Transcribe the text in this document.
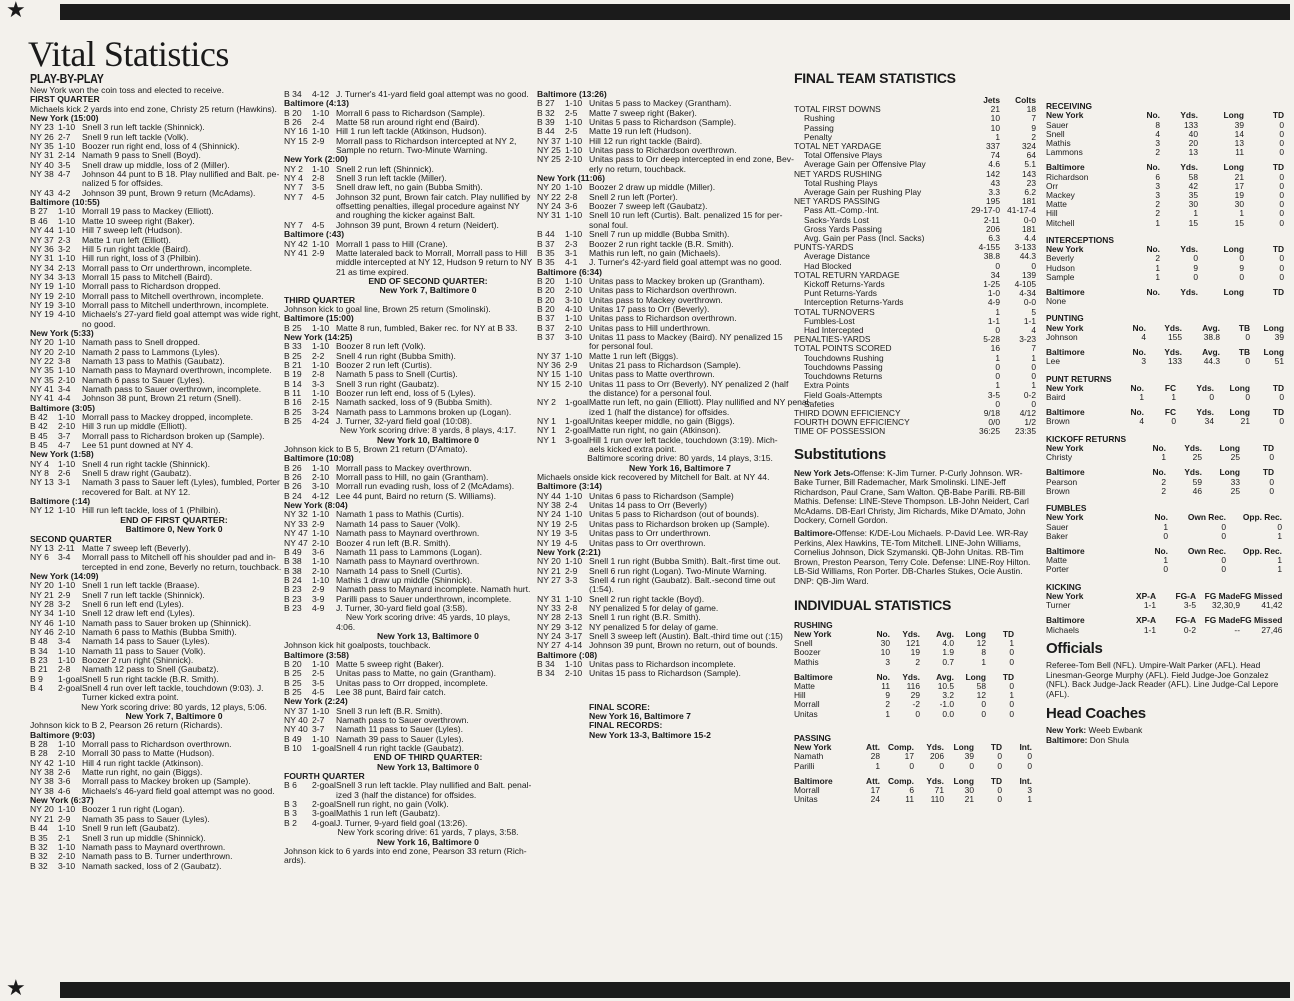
★
Vital Statistics
PLAY-BY-PLAY
New York won the coin toss and elected to receive.
FIRST QUARTER
Michaels kick 2 yards into end zone, Christy 25 return (Hawkins).
New York (15:00)
NY 23 1-10 Snell 3 run left tackle (Shinnick).
NY 26 2-7 Snell 9 run left tackle (Volk).
NY 35 1-10 Boozer run right end, loss of 4 (Shinnick).
NY 31 2-14 Namath 9 pass to Snell (Boyd).
NY 40 3-5 Snell draw up middle, loss of 2 (Miller).
NY 38 4-7 Johnson 44 punt to B 18. Play nullified and Balt. pe-
nalized 5 for offsides.
NY 43 4-2 Johnson 39 punt, Brown 9 return (McAdams).
Baltimore (10:55)
B 27 1-10 Morrall 19 pass to Mackey (Elliott).
B 46 1-10 Matte 10 sweep right (Baker).
NY 44 1-10 Hill 7 sweep left (Hudson).
NY 37 2-3 Matte 1 run left (Elliott).
NY 36 3-2 Hill 5 run right tackle (Baird).
NY 31 1-10 Hill run right, loss of 3 (Philbin).
NY 34 2-13 Morrall pass to Orr underthrown, incomplete.
NY 34 3-13 Morrall 15 pass to Mitchell (Baird).
NY 19 1-10 Morrall pass to Richardson dropped.
NY 19 2-10 Morrall pass to Mitchell overthrown, incomplete.
NY 19 3-10 Morrall pass to Mitchell underthrown, incomplete.
NY 19 4-10 Michaels's 27-yard field goal attempt was wide right,
no good.
New York (5:33)
NY 20 1-10 Namath pass to Snell dropped.
NY 20 2-10 Namath 2 pass to Lammons (Lyles).
NY 22 3-8 Namath 13 pass to Mathis (Gaubatz).
NY 35 1-10 Namath pass to Maynard overthrown, incomplete.
NY 35 2-10 Namath 6 pass to Sauer (Lyles).
NY 41 3-4 Namath pass to Sauer overthrown, incomplete.
NY 41 4-4 Johnson 38 punt, Brown 21 return (Snell).
Baltimore (3:05)
B 42 1-10 Morrall pass to Mackey dropped, incomplete.
B 42 2-10 Hill 3 run up middle (Elliott).
B 45 3-7 Morrall pass to Richardson broken up (Sample).
B 45 4-7 Lee 51 punt downed at NY 4.
New York (1:58)
NY 4 1-10 Snell 4 run right tackle (Shinnick).
NY 8 2-6 Snell 5 draw right (Gaubatz).
NY 13 3-1 Namath 3 pass to Sauer left (Lyles), fumbled, Porter
recovered for Balt. at NY 12.
Baltimore (:14)
NY 12 1-10 Hill run left tackle, loss of 1 (Philbin).
END OF FIRST QUARTER:
Baltimore 0, New York 0
SECOND QUARTER
NY 13 2-11 Matte 7 sweep left (Beverly).
NY 6 3-4 Morrall pass to Mitchell off his shoulder pad and in-
tercepted in end zone, Beverly no return, touchback.
New York (14:09)
NY 20 1-10 Snell 1 run left tackle (Braase).
NY 21 2-9 Snell 7 run left tackle (Shinnick).
NY 28 3-2 Snell 6 run left end (Lyles).
NY 34 1-10 Snell 12 draw left end (Lyles).
NY 46 1-10 Namath pass to Sauer broken up (Shinnick).
NY 46 2-10 Namath 6 pass to Mathis (Bubba Smith).
B 48 3-4 Namath 14 pass to Sauer (Lyles).
B 34 1-10 Namath 11 pass to Sauer (Volk).
B 23 1-10 Boozer 2 run right (Shinnick).
B 21 2-8 Namath 12 pass to Snell (Gaubatz).
B 9 1-goalSnell 5 run right tackle (B.R. Smith).
B 4 2-goalSnell 4 run over left tackle, touchdown (9:03). J.
Turner kicked extra point.
New York scoring drive: 80 yards, 12 plays, 5:06.
New York 7, Baltimore 0
Johnson kick to B 2, Pearson 26 return (Richards).
Baltimore (9:03)
B 28 1-10 Morrall pass to Richardson overthrown.
B 28 2-10 Morrall 30 pass to Matte (Hudson).
NY 42 1-10 Hill 4 run right tackle (Atkinson).
NY 38 2-6 Matte run right, no gain (Biggs).
NY 38 3-6 Morrall pass to Mackey broken up (Sample).
NY 38 4-6 Michaels's 46-yard field goal attempt was no good.
New York (6:37)
NY 20 1-10 Boozer 1 run right (Logan).
NY 21 2-9 Namath 35 pass to Sauer (Lyles).
B 44 1-10 Snell 9 run left (Gaubatz).
B 35 2-1 Snell 3 run up middle (Shinnick).
B 32 1-10 Namath pass to Maynard overthrown.
B 32 2-10 Namath pass to B. Turner underthrown.
B 32 3-10 Namath sacked, loss of 2 (Gaubatz).
B 34 4-12 J. Turner's 41-yard field goal attempt was no good.
Baltimore (4:13)
B 20 1-10 Morrall 6 pass to Richardson (Sample).
B 26 2-4 Matte 58 run around right end (Baird).
NY 16 1-10 Hill 1 run left tackle (Atkinson, Hudson).
NY 15 2-9 Morrall pass to Richardson intercepted at NY 2,
Sample no return. Two-Minute Warning.
New York (2:00)
NY 2 1-10 Snell 2 run left (Shinnick).
NY 4 2-8 Snell 3 run left tackle (Miller).
NY 7 3-5 Snell draw left, no gain (Bubba Smith).
NY 7 4-5 Johnson 32 punt, Brown fair catch. Play nullified by
offsetting penalties, illegal procedure against NY
and roughing the kicker against Balt.
NY 7 4-5 Johnson 39 punt, Brown 4 return (Neidert).
Baltimore (:43)
NY 42 1-10 Morrall 1 pass to Hill (Crane).
NY 41 2-9 Matte lateraled back to Morrall, Morrall pass to Hill
middle intercepted at NY 12, Hudson 9 return to NY
21 as time expired.
END OF SECOND QUARTER:
New York 7, Baltimore 0
THIRD QUARTER
Johnson kick to goal line, Brown 25 return (Smolinski).
Baltimore (15:00)
B 25 1-10 Matte 8 run, fumbled, Baker rec. for NY at B 33.
New York (14:25)
B 33 1-10 Boozer 8 run left (Volk).
B 25 2-2 Snell 4 run right (Bubba Smith).
B 21 1-10 Boozer 2 run left (Curtis).
B 19 2-8 Namath 5 pass to Snell (Curtis).
B 14 3-3 Snell 3 run right (Gaubatz).
B 11 1-10 Boozer run left end, loss of 5 (Lyles).
B 16 2-15 Namath sacked, loss of 9 (Bubba Smith).
B 25 3-24 Namath pass to Lammons broken up (Logan).
B 25 4-24 J. Turner, 32-yard field goal (10:08).
New York scoring drive: 8 yards, 8 plays, 4:17.
New York 10, Baltimore 0
Johnson kick to B 5, Brown 21 return (D'Amato).
Baltimore (10:08)
B 26 1-10 Morrall pass to Mackey overthrown.
B 26 2-10 Morrall pass to Hill, no gain (Grantham).
B 26 3-10 Morrall run evading rush, loss of 2 (McAdams).
B 24 4-12 Lee 44 punt, Baird no return (S. Williams).
New York (8:04)
NY 32 1-10 Namath 1 pass to Mathis (Curtis).
NY 33 2-9 Namath 14 pass to Sauer (Volk).
NY 47 1-10 Namath pass to Maynard overthrown.
NY 47 2-10 Boozer 4 run left (B.R. Smith).
B 49 3-6 Namath 11 pass to Lammons (Logan).
B 38 1-10 Namath pass to Maynard overthrown.
B 38 2-10 Namath 14 pass to Snell (Curtis).
B 24 1-10 Mathis 1 draw up middle (Shinnick).
B 23 2-9 Namath pass to Maynard incomplete. Namath hurt.
B 23 3-9 Parilli pass to Sauer underthrown, incomplete.
B 23 4-9 J. Turner, 30-yard field goal (3:58).
New York scoring drive: 45 yards, 10 plays,
4:06.
New York 13, Baltimore 0
Johnson kick hit goalposts, touchback.
Baltimore (3:58)
B 20 1-10 Matte 5 sweep right (Baker).
B 25 2-5 Unitas pass to Matte, no gain (Grantham).
B 25 3-5 Unitas pass to Orr dropped, incomplete.
B 25 4-5 Lee 38 punt, Baird fair catch.
New York (2:24)
NY 37 1-10 Snell 3 run left (B.R. Smith).
NY 40 2-7 Namath pass to Sauer overthrown.
NY 40 3-7 Namath 11 pass to Sauer (Lyles).
B 49 1-10 Namath 39 pass to Sauer (Lyles).
B 10 1-goalSnell 4 run right tackle (Gaubatz).
END OF THIRD QUARTER:
New York 13, Baltimore 0
FOURTH QUARTER
B 6 2-goalSnell 3 run left tackle. Play nullified and Balt. penal-
ized 3 (half the distance) for offsides.
B 3 2-goalSnell run right, no gain (Volk).
B 3 3-goalMathis 1 run left (Gaubatz).
B 2 4-goalJ. Turner, 9-yard field goal (13:26).
New York scoring drive: 61 yards, 7 plays, 3:58.
New York 16, Baltimore 0
Johnson kick to 6 yards into end zone, Pearson 33 return (Rich-
ards).
Baltimore (13:26)
B 27 1-10 Unitas 5 pass to Mackey (Grantham).
B 32 2-5 Matte 7 sweep right (Baker).
B 39 1-10 Unitas 5 pass to Richardson (Sample).
B 44 2-5 Matte 19 run left (Hudson).
NY 37 1-10 Hill 12 run right tackle (Baird).
NY 25 1-10 Unitas pass to Richardson overthrown.
NY 25 2-10 Unitas pass to Orr deep intercepted in end zone, Bev-
erly no return, touchback.
New York (11:06)
NY 20 1-10 Boozer 2 draw up middle (Miller).
NY 22 2-8 Snell 2 run left (Porter).
NY 24 3-6 Boozer 7 sweep left (Gaubatz).
NY 31 1-10 Snell 10 run left (Curtis). Balt. penalized 15 for per-
sonal foul.
B 44 1-10 Snell 7 run up middle (Bubba Smith).
B 37 2-3 Boozer 2 run right tackle (B.R. Smith).
B 35 3-1 Mathis run left, no gain (Michaels).
B 35 4-1 J. Turner's 42-yard field goal attempt was no good.
Baltimore (6:34)
B 20 1-10 Unitas pass to Mackey broken up (Grantham).
B 20 2-10 Unitas pass to Richardson overthrown.
B 20 3-10 Unitas pass to Mackey overthrown.
B 20 4-10 Unitas 17 pass to Orr (Beverly).
B 37 1-10 Unitas pass to Richardson overthrown.
B 37 2-10 Unitas pass to Hill underthrown.
B 37 3-10 Unitas 11 pass to Mackey (Baird). NY penalized 15
for personal foul.
NY 37 1-10 Matte 1 run left (Biggs).
NY 36 2-9 Unitas 21 pass to Richardson (Sample).
NY 15 1-10 Unitas pass to Matte overthrown.
NY 15 2-10 Unitas 11 pass to Orr (Beverly). NY penalized 2 (half
the distance) for a personal foul.
NY 2 1-goalMatte run left, no gain (Elliott). Play nullified and NY penal-
ized 1 (half the distance) for offsides.
NY 1 1-goalUnitas keeper middle, no gain (Biggs).
NY 1 2-goalMatte run right, no gain (Atkinson).
NY 1 3-goalHill 1 run over left tackle, touchdown (3:19). Mich-
aels kicked extra point.
Baltimore scoring drive: 80 yards, 14 plays, 3:15.
New York 16, Baltimore 7
Michaels onside kick recovered by Mitchell for Balt. at NY 44.
Baltimore (3:14)
NY 44 1-10 Unitas 6 pass to Richardson (Sample)
NY 38 2-4 Unitas 14 pass to Orr (Beverly)
NY 24 1-10 Unitas 5 pass to Richardson (out of bounds).
NY 19 2-5 Unitas pass to Richardson broken up (Sample).
NY 19 3-5 Unitas pass to Orr underthrown.
NY 19 4-5 Unitas pass to Orr overthrown.
New York (2:21)
NY 20 1-10 Snell 1 run right (Bubba Smith). Balt.-first time out.
NY 21 2-9 Snell 6 run right (Logan). Two-Minute Warning.
NY 27 3-3 Snell 4 run right (Gaubatz). Balt.-second time out
(1:54).
NY 31 1-10 Snell 2 run right tackle (Boyd).
NY 33 2-8 NY penalized 5 for delay of game.
NY 28 2-13 Snell 1 run right (B.R. Smith).
NY 29 3-12 NY penalized 5 for delay of game.
NY 24 3-17 Snell 3 sweep left (Austin). Balt.-third time out (:15)
NY 27 4-14 Johnson 39 punt, Brown no return, out of bounds.
Baltimore (:08)
B 34 1-10 Unitas pass to Richardson incomplete.
B 34 2-10 Unitas 15 pass to Richardson (Sample).
FINAL SCORE:
New York 16, Baltimore 7
FINAL RECORDS:
New York 13-3, Baltimore 15-2
FINAL TEAM STATISTICS
	Jets	Colts
TOTAL FIRST DOWNS	21	18
Rushing	10	7
Passing	10	9
Penalty	1	2
TOTAL NET YARDAGE	337	324
Total Offensive Plays	74	64
Average Gain per Offensive Play	4.6	5.1
NET YARDS RUSHING	142	143
Total Rushing Plays	43	23
Average Gain per Rushing Play	3.3	6.2
NET YARDS PASSING	195	181
Pass Att.-Comp.-Int.	29-17-0	41-17-4
Sacks-Yards Lost	2-11	0-0
Gross Yards Passing	206	181
Avg. Gain per Pass (Incl. Sacks)	6.3	4.4
PUNTS-YARDS	4-155	3-133
Average Distance	38.8	44.3
Had Blocked	0	0
TOTAL RETURN YARDAGE	34	139
Kickoff Returns-Yards	1-25	4-105
Punt Returns-Yards	1-0	4-34
Interception Returns-Yards	4-9	0-0
TOTAL TURNOVERS	1	5
Fumbles-Lost	1-1	1-1
Had Intercepted	0	4
PENALTIES-YARDS	5-28	3-23
TOTAL POINTS SCORED	16	7
Touchdowns Rushing	1	1
Touchdowns Passing	0	0
Touchdowns Returns	0	0
Extra Points	1	1
Field Goals-Attempts	3-5	0-2
Safeties	0	0
THIRD DOWN EFFICIENCY	9/18	4/12
FOURTH DOWN EFFICIENCY	0/0	1/2
TIME OF POSSESSION	36:25	23:35
Substitutions
New York Jets-Offense: K-Jim Turner. P-Curly Johnson. WR-Bake Turner, Bill Rademacher, Mark Smolinski. LINE-Jeff Richardson, Paul Crane, Sam Walton. QB-Babe Parilli. RB-Bill Mathis. Defense: LINE-Steve Thompson. LB-John Neidert, Carl McAdams. DB-Earl Christy, Jim Richards, Mike D'Amato, John Dockery, Cornell Gordon.
Baltimore-Offense: K/DE-Lou Michaels. P-David Lee. WR-Ray Perkins, Alex Hawkins, TE-Tom Mitchell. LINE-John Williams, Cornelius Johnson, Dick Szymanski. QB-John Unitas. RB-Tim Brown, Preston Pearson, Terry Cole. Defense: LINE-Roy Hilton. LB-Sid Williams, Ron Porter. DB-Charles Stukes, Ocie Austin. DNP: QB-Jim Ward.
INDIVIDUAL STATISTICS
RUSHING
New York	No.	Yds.	Avg.	Long	TD
Snell	30	121	4.0	12	1
Boozer	10	19	1.9	8	0
Mathis	3	2	0.7	1	0
Baltimore	No.	Yds.	Avg.	Long	TD
Matte	11	116	10.5	58	0
Hill	9	29	3.2	12	1
Morrall	2	-2	-1.0	0	0
Unitas	1	0	0.0	0	0
PASSING
New York	Att.	Comp.	Yds.	Long	TD	Int.
Namath	28	17	206	39	0	0
Parilli	1	0	0	0	0	0
Baltimore	Att.	Comp.	Yds.	Long	TD	Int.
Morrall	17	6	71	30	0	3
Unitas	24	11	110	21	0	1
RECEIVING
New York	No.	Yds.	Long	TD
Sauer	8	133	39	0
Snell	4	40	14	0
Mathis	3	20	13	0
Lammons	2	13	11	0
Baltimore	No.	Yds.	Long	TD
Richardson	6	58	21	0
Orr	3	42	17	0
Mackey	3	35	19	0
Matte	2	30	30	0
Hill	2	1	1	0
Mitchell	1	15	15	0
INTERCEPTIONS
New York	No.	Yds.	Long	TD
Beverly	2	0	0	0
Hudson	1	9	9	0
Sample	1	0	0	0
Baltimore	No.	Yds.	Long	TD
None				
PUNTING
New York	No.	Yds.	Avg.	TB	Long
Johnson	4	155	38.8	0	39
Baltimore	No.	Yds.	Avg.	TB	Long
Lee	3	133	44.3	0	51
PUNT RETURNS
New York	No.	FC	Yds.	Long	TD
Baird	1	1	0	0	0
Baltimore	No.	FC	Yds.	Long	TD
Brown	4	0	34	21	0
KICKOFF RETURNS
New York	No.	Yds.	Long	TD
Christy	1	25	25	0
Baltimore	No.	Yds.	Long	TD
Pearson	2	59	33	0
Brown	2	46	25	0
FUMBLES
New York	No.	Own Rec.	Opp. Rec.
Sauer	1	0	0
Baker	0	0	1
Baltimore	No.	Own Rec.	Opp. Rec.
Matte	1	0	1
Porter	0	0	1
KICKING
New York	XP-A	FG-A	FG Made	FG Missed
Turner	1-1	3-5	32,30,9	41,42
Baltimore	XP-A	FG-A	FG Made	FG Missed
Michaels	1-1	0-2	--	27,46
Officials
Referee-Tom Bell (NFL). Umpire-Walt Parker (AFL). Head Linesman-George Murphy (AFL). Field Judge-Joe Gonzalez (NFL). Back Judge-Jack Reader (AFL). Line Judge-Cal Lepore (AFL).
Head Coaches
New York: Weeb Ewbank
Baltimore: Don Shula
★
